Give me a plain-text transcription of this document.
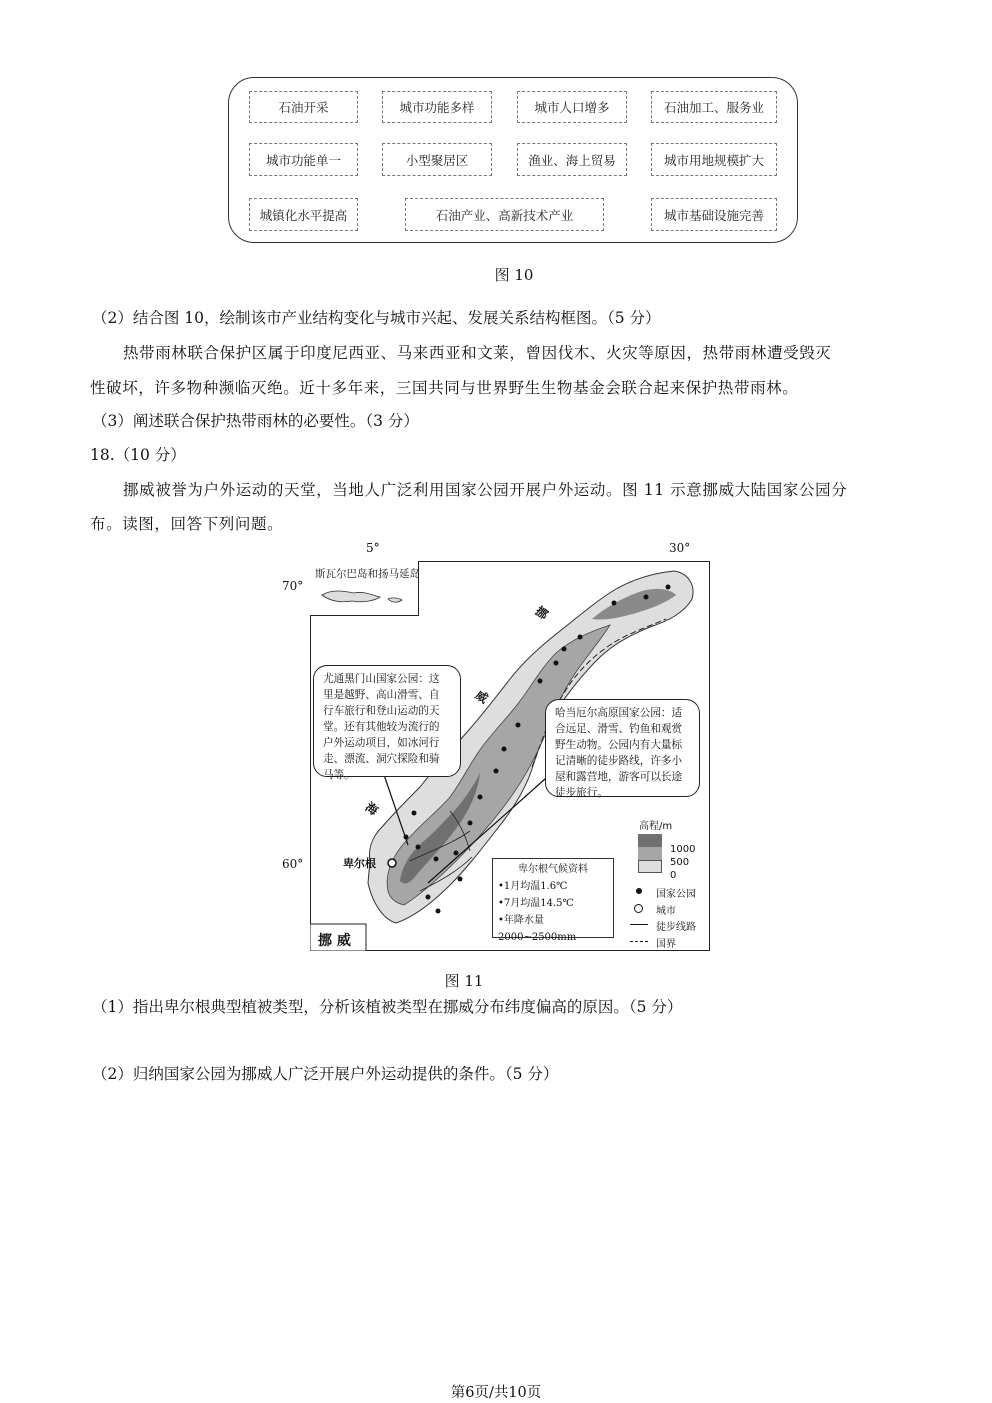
石油开采	城市功能多样	城市人口增多	石油加工、服务业
城市功能单一	小型聚居区	渔业、海上贸易	城市用地规模扩大
城镇化水平提高	石油产业、高新技术产业	城市基础设施完善
图 10
（2）结合图 10，绘制该市产业结构变化与城市兴起、发展关系结构框图。（5 分）
热带雨林联合保护区属于印度尼西亚、马来西亚和文莱，曾因伐木、火灾等原因，热带雨林遭受毁灭
性破坏，许多物种濒临灭绝。近十多年来，三国共同与世界野生生物基金会联合起来保护热带雨林。
（3）阐述联合保护热带雨林的必要性。（3 分）
18.（10 分）
挪威被誉为户外运动的天堂，当地人广泛利用国家公园开展户外运动。图 11 示意挪威大陆国家公园分
布。读图，回答下列问题。
5°	30°
70°
60°
斯瓦尔巴岛和扬马延岛
尤通黑门山国家公园：这
里是越野、高山滑雪、自
行车旅行和登山运动的天
堂。还有其他较为流行的
户外运动项目，如冰河行
走、漂流、洞穴探险和骑
马等。
哈当厄尔高原国家公园：适
合远足、滑雪、钓鱼和观赏
野生动物。公园内有大量标
记清晰的徒步路线，许多小
屋和露营地，游客可以长途
徒步旅行。
挪
威
海
卑尔根
挪 威
卑尔根气候资料
•1月均温1.6℃
•7月均温14.5℃
•年降水量2000~2500mm
高程/m
1000
500
0
国家公园
城市
徒步线路
国界
图 11
（1）指出卑尔根典型植被类型，分析该植被类型在挪威分布纬度偏高的原因。（5 分）
（2）归纳国家公园为挪威人广泛开展户外运动提供的条件。（5 分）
第6页/共10页
